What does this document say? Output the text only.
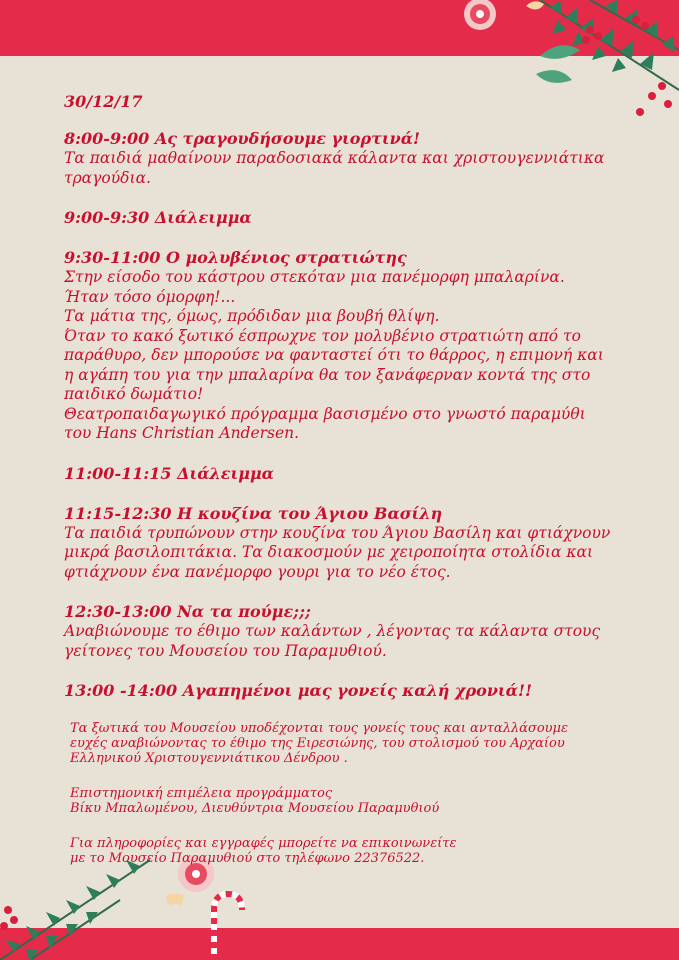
30/12/17
8:00-9:00 Ας τραγουδήσουμε γιορτινά!
Τα παιδιά μαθαίνουν παραδοσιακά κάλαντα και χριστουγεννιάτικα
τραγούδια.
9:00-9:30 Διάλειμμα
9:30-11:00 Ο μολυβένιος στρατιώτης
Στην είσοδο του κάστρου στεκόταν μια πανέμορφη μπαλαρίνα.
Ήταν τόσο όμορφη!...
Τα μάτια της, όμως, πρόδιδαν μια βουβή θλίψη.
Όταν το κακό ξωτικό έσπρωχνε τον μολυβένιο στρατιώτη από το
παράθυρο, δεν μπορούσε να φανταστεί ότι το θάρρος, η επιμονή και
η αγάπη του για την μπαλαρίνα θα τον ξανάφερναν κοντά της στο
παιδικό δωμάτιο!
Θεατροπαιδαγωγικό πρόγραμμα βασισμένο στο γνωστό παραμύθι
του Hans Christian Andersen.
11:00-11:15 Διάλειμμα
11:15-12:30 Η κουζίνα του Άγιου Βασίλη
Τα παιδιά τρυπώνουν στην κουζίνα του Άγιου Βασίλη και φτιάχνουν
μικρά βασιλοπιτάκια. Τα διακοσμούν με χειροποίητα στολίδια και
φτιάχνουν ένα πανέμορφο γουρι για το νέο έτος.
12:30-13:00 Να τα πούμε;;;
Αναβιώνουμε το έθιμο των καλάντων , λέγοντας τα κάλαντα στους
γείτονες του Μουσείου του Παραμυθιού.
13:00 -14:00 Αγαπημένοι μας γονείς καλή χρονιά!!
Τα ξωτικά του Μουσείου υποδέχονται τους γονείς τους και ανταλλάσουμε
ευχές αναβιώνοντας το έθιμο της Ειρεσιώνης, του στολισμού του Αρχαίου
Ελληνικού Χριστουγεννιάτικου Δένδρου .
Επιστημονική επιμέλεια προγράμματος
Βίκυ Μπαλωμένου, Διευθύντρια Μουσείου Παραμυθιού
Για πληροφορίες και εγγραφές μπορείτε να επικοινωνείτε
με το Μουσείο Παραμυθιού στο τηλέφωνο 22376522.
